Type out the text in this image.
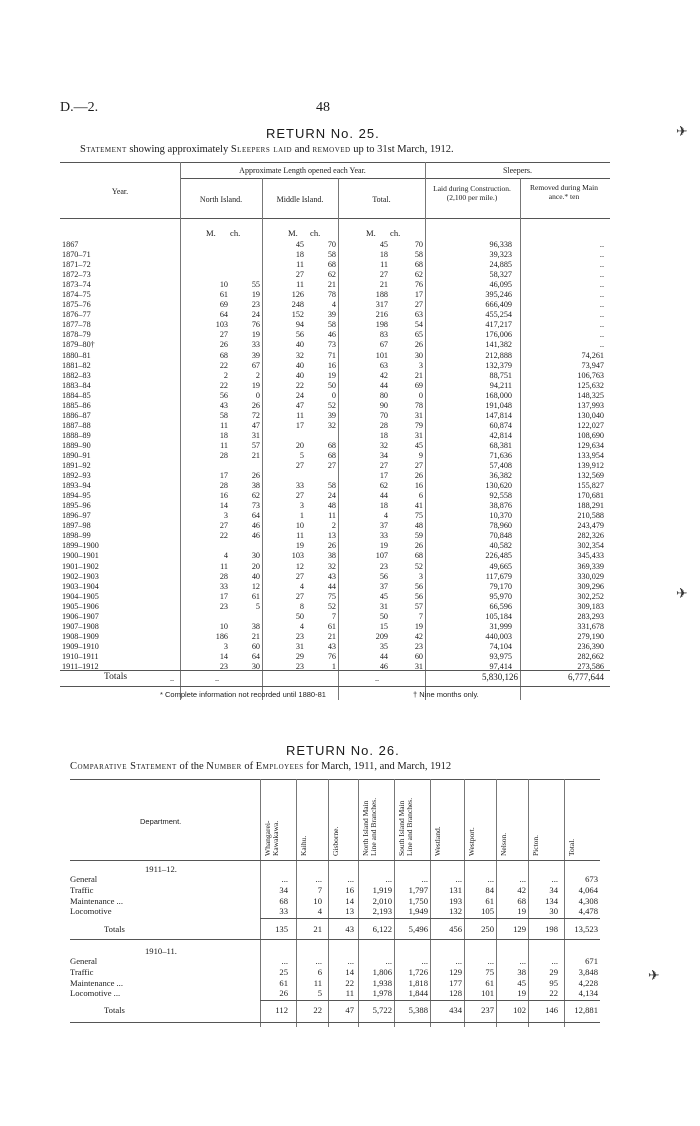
D.—2.	48
RETURN No. 25.
Statement showing approximately Sleepers laid and removed up to 31st March, 1912.
Approximate Length opened each Year.	Sleepers.
Year.
North Island.	Middle Island.	Total.
Laid during Construction. (2,100 per mile.)
Removed during Main ance.* ten
M. ch.	M. ch.	M. ch.
1867			45	70	45	70	96,338	..
1870–71			18	58	18	58	39,323	..
1871–72			11	68	11	68	24,885	..
1872–73			27	62	27	62	58,327	..
1873–74	10	55	11	21	21	76	46,095	..
1874–75	61	19	126	78	188	17	395,246	..
1875–76	69	23	248	4	317	27	666,409	..
1876–77	64	24	152	39	216	63	455,254	..
1877–78	103	76	94	58	198	54	417,217	..
1878–79	27	19	56	46	83	65	176,006	..
1879–80†	26	33	40	73	67	26	141,382	..
1880–81	68	39	32	71	101	30	212,888	74,261
1881–82	22	67	40	16	63	3	132,379	73,947
1882–83	2	2	40	19	42	21	88,751	106,763
1883–84	22	19	22	50	44	69	94,211	125,632
1884–85	56	0	24	0	80	0	168,000	148,325
1885–86	43	26	47	52	90	78	191,048	137,993
1886–87	58	72	11	39	70	31	147,814	130,040
1887–88	11	47	17	32	28	79	60,874	122,027
1888–89	18	31			18	31	42,814	108,690
1889–90	11	57	20	68	32	45	68,381	129,634
1890–91	28	21	5	68	34	9	71,636	133,954
1891–92			27	27	27	27	57,408	139,912
1892–93	17	26			17	26	36,382	132,569
1893–94	28	38	33	58	62	16	130,620	155,827
1894–95	16	62	27	24	44	6	92,558	170,681
1895–96	14	73	3	48	18	41	38,876	188,291
1896–97	3	64	1	11	4	75	10,370	210,588
1897–98	27	46	10	2	37	48	78,960	243,479
1898–99	22	46	11	13	33	59	70,848	282,326
1899–1900			19	26	19	26	40,582	302,354
1900–1901	4	30	103	38	107	68	226,485	345,433
1901–1902	11	20	12	32	23	52	49,665	369,339
1902–1903	28	40	27	43	56	3	117,679	330,029
1903–1904	33	12	4	44	37	56	79,170	309,296
1904–1905	17	61	27	75	45	56	95,970	302,252
1905–1906	23	5	8	52	31	57	66,596	309,183
1906–1907			50	7	50	7	105,184	283,293
1907–1908	10	38	4	61	15	19	31,999	331,678
1908–1909	186	21	23	21	209	42	440,003	279,190
1909–1910	3	60	31	43	35	23	74,104	236,390
1910–1911	14	64	29	76	44	60	93,975	282,662
1911–1912	23	30	23	1	46	31	97,414	273,586
Totals	..	..	..	5,830,126	6,777,644
* Complete information not recorded until 1880-81	† Nine months only.
RETURN No. 26.
Comparative Statement of the Number of Employees for March, 1911, and March, 1912
Department.	Whangarei-Kawakawa.	Kaihu.	Gisborne.	North Island Main Line and Branches.	South Island Main Line and Branches.	Westland.	Westport.	Nelson.	Picton.	Total.
1911–12.
1910–11.
General	...	...	...	...	...	...	...	...	...	673
Traffic	34	7	16	1,919	1,797	131	84	42	34	4,064
Maintenance ...	68	10	14	2,010	1,750	193	61	68	134	4,308
Locomotive	33	4	13	2,193	1,949	132	105	19	30	4,478
Totals	135	21	43	6,122	5,496	456	250	129	198	13,523
General	...	...	...	...	...	...	...	...	...	671
Traffic	25	6	14	1,806	1,726	129	75	38	29	3,848
Maintenance ...	61	11	22	1,938	1,818	177	61	45	95	4,228
Locomotive ...	26	5	11	1,978	1,844	128	101	19	22	4,134
Totals	112	22	47	5,722	5,388	434	237	102	146	12,881
✈
✈
✈
